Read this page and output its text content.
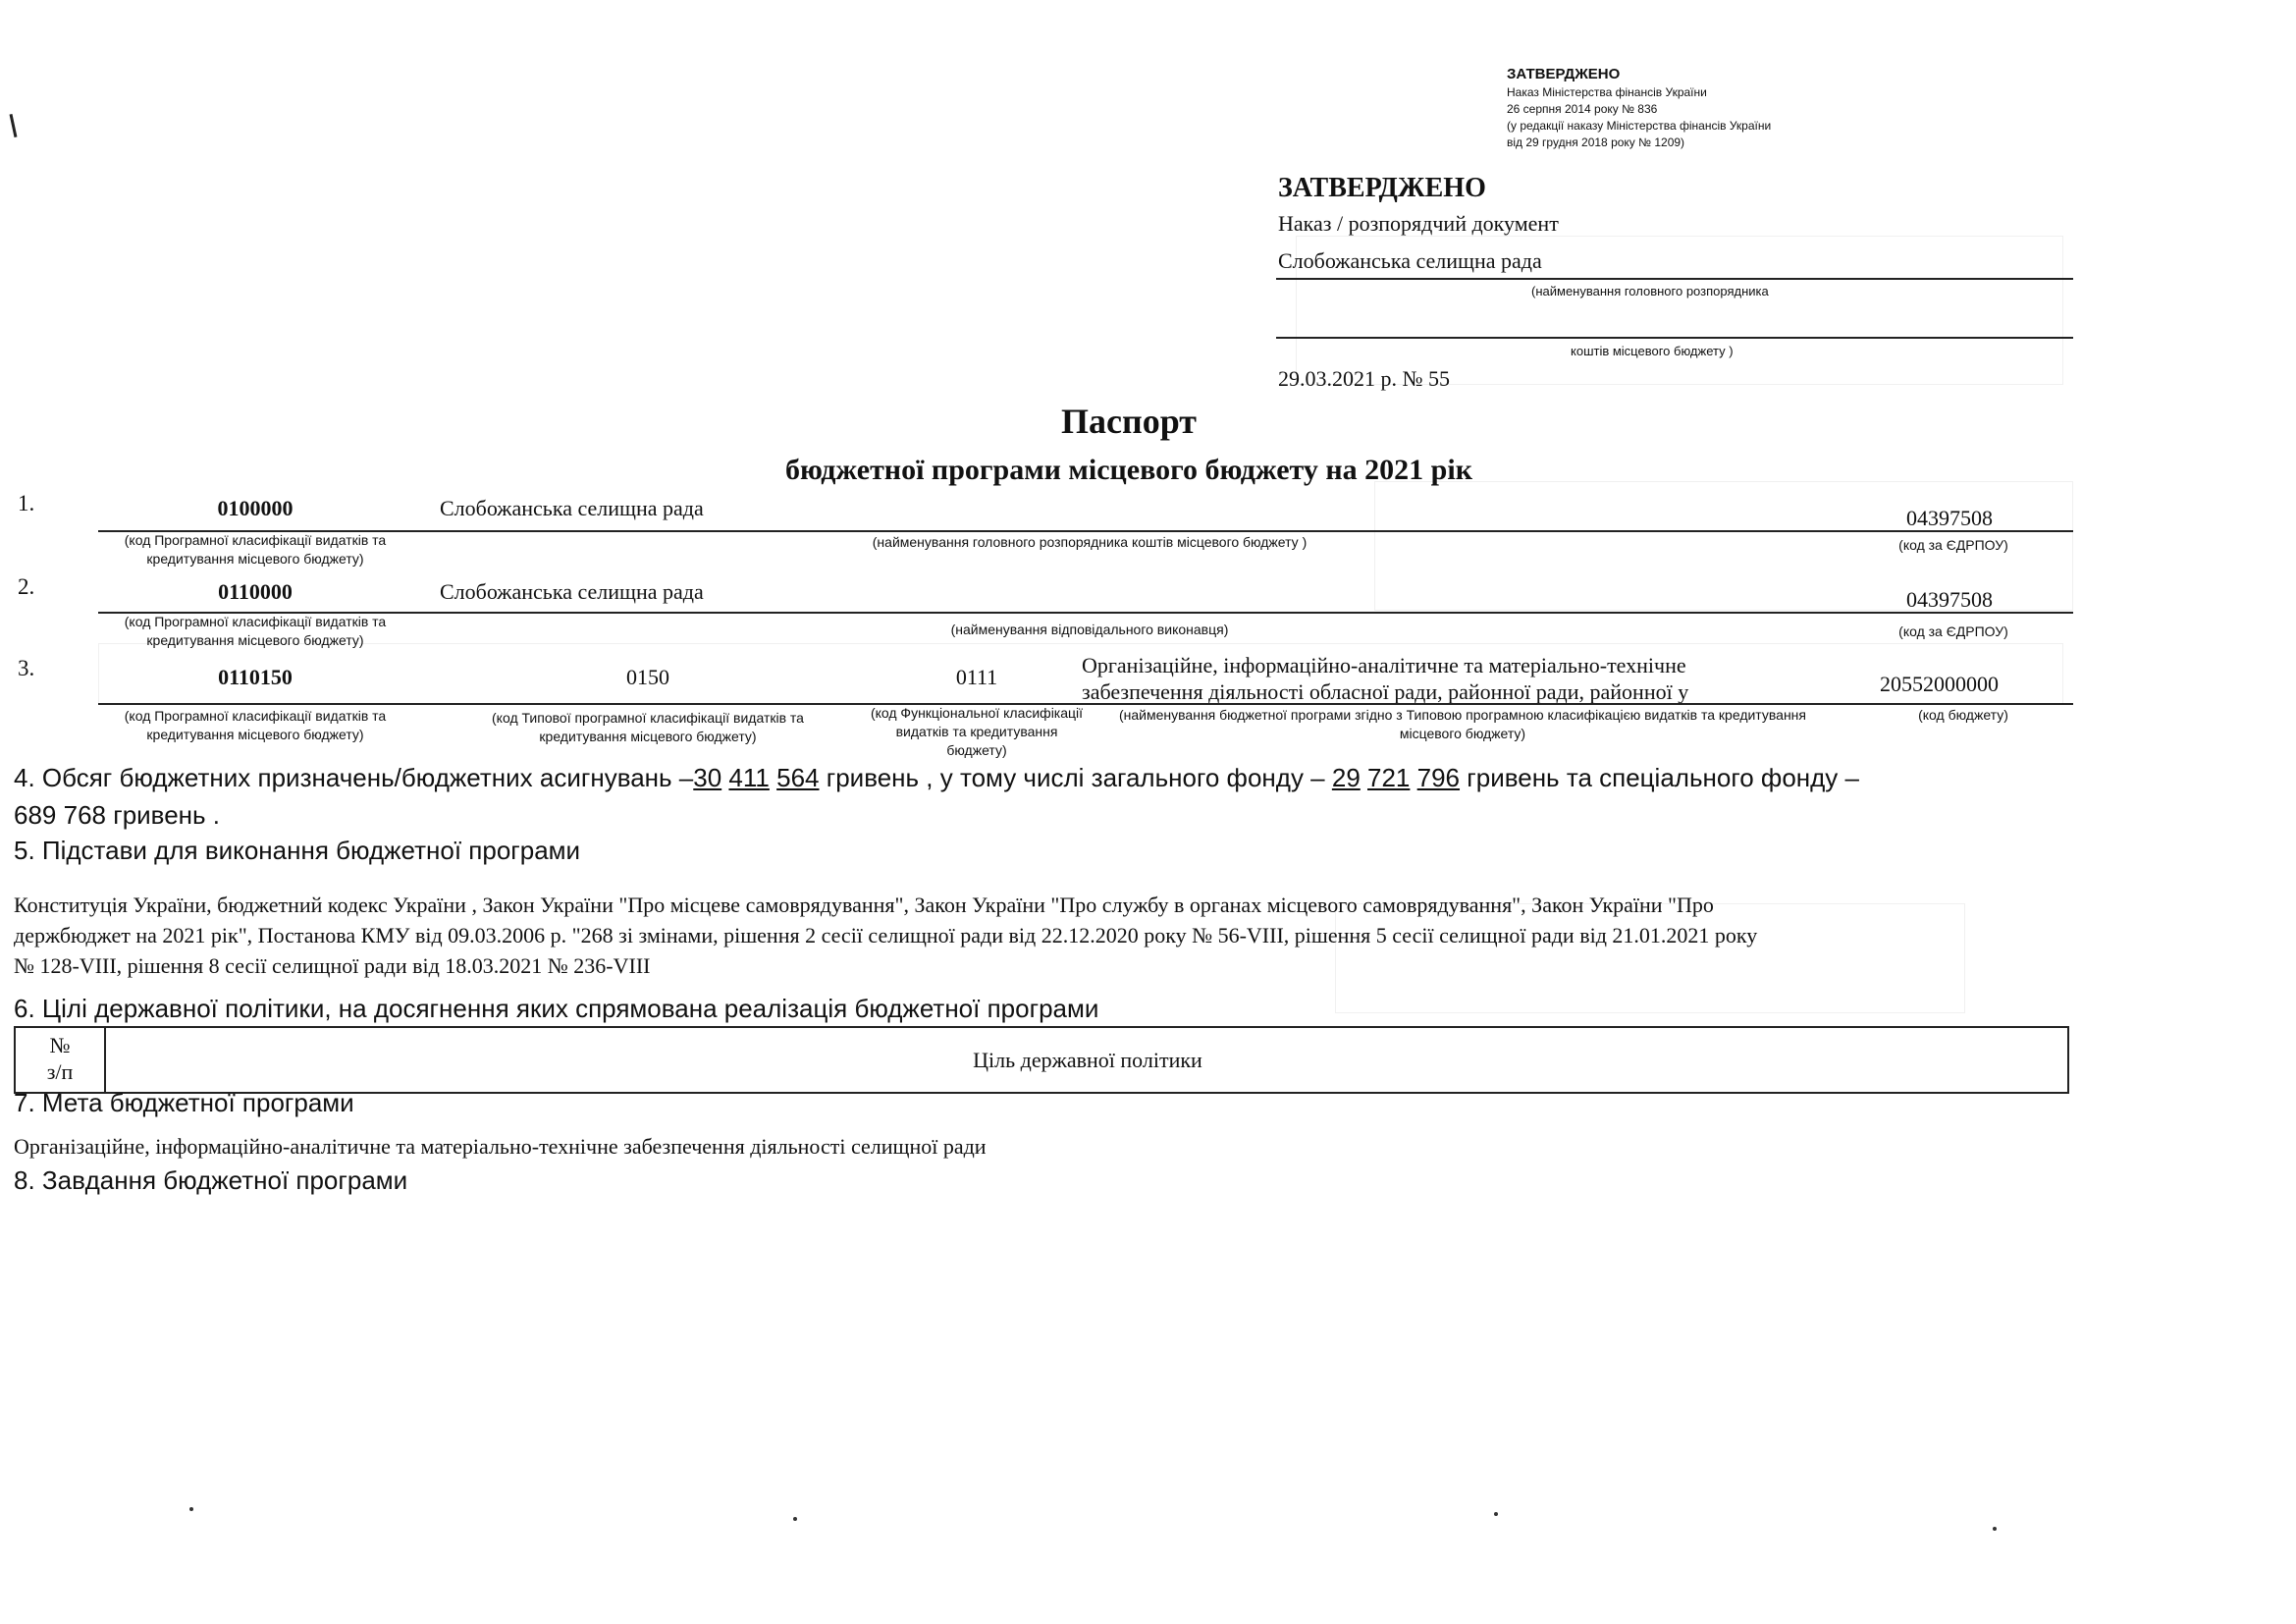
ЗАТВЕРДЖЕНО
Наказ Міністерства фінансів України
26 серпня 2014 року № 836
(у редакції наказу Міністерства фінансів України
від 29 грудня 2018 року № 1209)
ЗАТВЕРДЖЕНО
Наказ / розпорядчий документ
Слобожанська селищна рада
(найменування головного розпорядника
коштів місцевого бюджету )
29.03.2021 р. № 55
Паспорт
бюджетної програми місцевого бюджету на 2021 рік
1.	0100000	Слобожанська селищна рада	04397508
(код Програмної класифікації видатків та кредитування місцевого бюджету)
(найменування головного розпорядника коштів місцевого бюджету )	(код за ЄДРПОУ)
2.	0110000	Слобожанська селищна рада	04397508
(код Програмної класифікації видатків та кредитування місцевого бюджету)
(найменування відповідального виконавця)	(код за ЄДРПОУ)
3.	0110150	0150	0111	Організаційне, інформаційно-аналітичне та матеріально-технічне
забезпечення діяльності обласної ради, районної ради, районної у	20552000000
(код Програмної класифікації видатків та кредитування місцевого бюджету)
(код Типової програмної класифікації видатків та кредитування місцевого бюджету)
(код Функціональної класифікації видатків та кредитування бюджету)
(найменування бюджетної програми згідно з Типовою програмною класифікацією видатків та кредитування місцевого бюджету)
(код бюджету)
4. Обсяг бюджетних призначень/бюджетних асигнувань –30 411 564 гривень , у тому числі загального фонду – 29 721 796 гривень та спеціального фонду –
689 768 гривень .
5. Підстави для виконання бюджетної програми
Конституція України, бюджетний кодекс України , Закон України "Про місцеве самоврядування", Закон України "Про службу в органах місцевого самоврядування", Закон України "Про
держбюджет на 2021 рік", Постанова КМУ від 09.03.2006 р. "268 зі змінами, рішення 2 сесії селищної ради від 22.12.2020 року № 56-VIII, рішення 5 сесії селищної ради від 21.01.2021 року
№ 128-VIII, рішення 8 сесії селищної ради від 18.03.2021 № 236-VIII
6. Цілі державної політики, на досягнення яких спрямована реалізація бюджетної програми
№
з/п	Ціль державної політики
7. Мета бюджетної програми
Організаційне, інформаційно-аналітичне та матеріально-технічне забезпечення діяльності селищної ради
8. Завдання бюджетної програми
